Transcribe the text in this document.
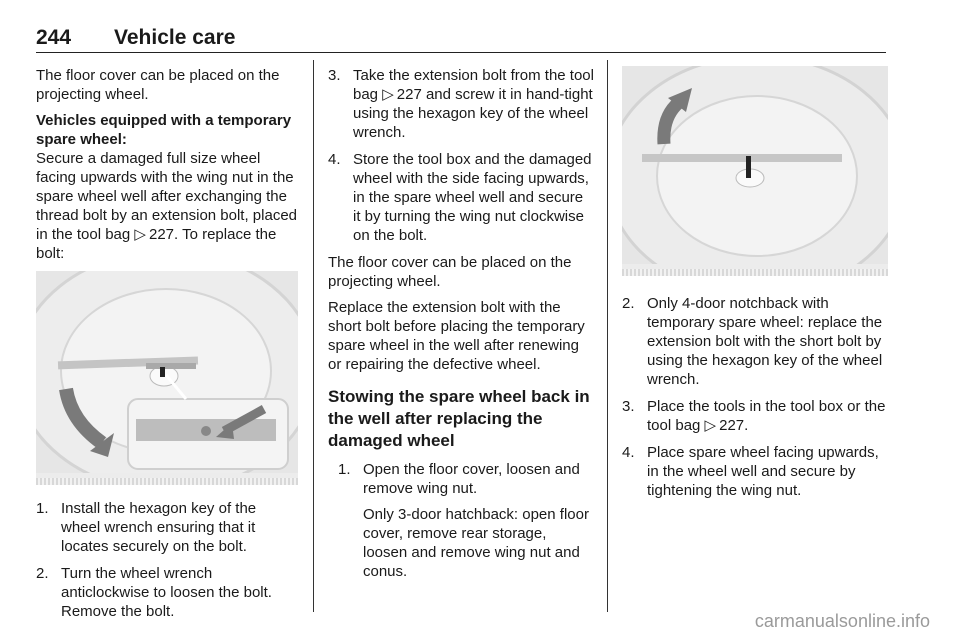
244 Vehicle care

The floor cover can be placed on the projecting wheel.

Vehicles equipped with a temporary spare wheel:

Secure a damaged full size wheel facing upwards with the wing nut in the spare wheel well after exchanging the thread bolt by an extension bolt, placed in the tool bag ▷  227. To replace the bolt:

1. Install the hexagon key of the wheel wrench ensuring that it locates securely on the bolt.
2. Turn the wheel wrench anticlockwise to loosen the bolt. Remove the bolt.
3. Take the extension bolt from the tool bag ▷  227 and screw it in hand-tight using the hexagon key of the wheel wrench.
4. Store the tool box and the damaged wheel with the side facing upwards, in the spare wheel well and secure it by turning the wing nut clockwise on the bolt.

The floor cover can be placed on the projecting wheel.

Replace the extension bolt with the short bolt before placing the temporary spare wheel in the well after renewing or repairing the defective wheel.

Stowing the spare wheel back in the well after replacing the damaged wheel
1. Open the floor cover, loosen and remove wing nut.
Only 3-door hatchback: open floor cover, remove rear storage, loosen and remove wing nut and conus.
2. Only 4-door notchback with temporary spare wheel: replace the extension bolt with the short bolt by using the hexagon key of the wheel wrench.
3. Place the tools in the tool box or the tool bag ▷  227.
4. Place spare wheel facing upwards, in the wheel well and secure by tightening the wing nut.
carmanualsonline.info
